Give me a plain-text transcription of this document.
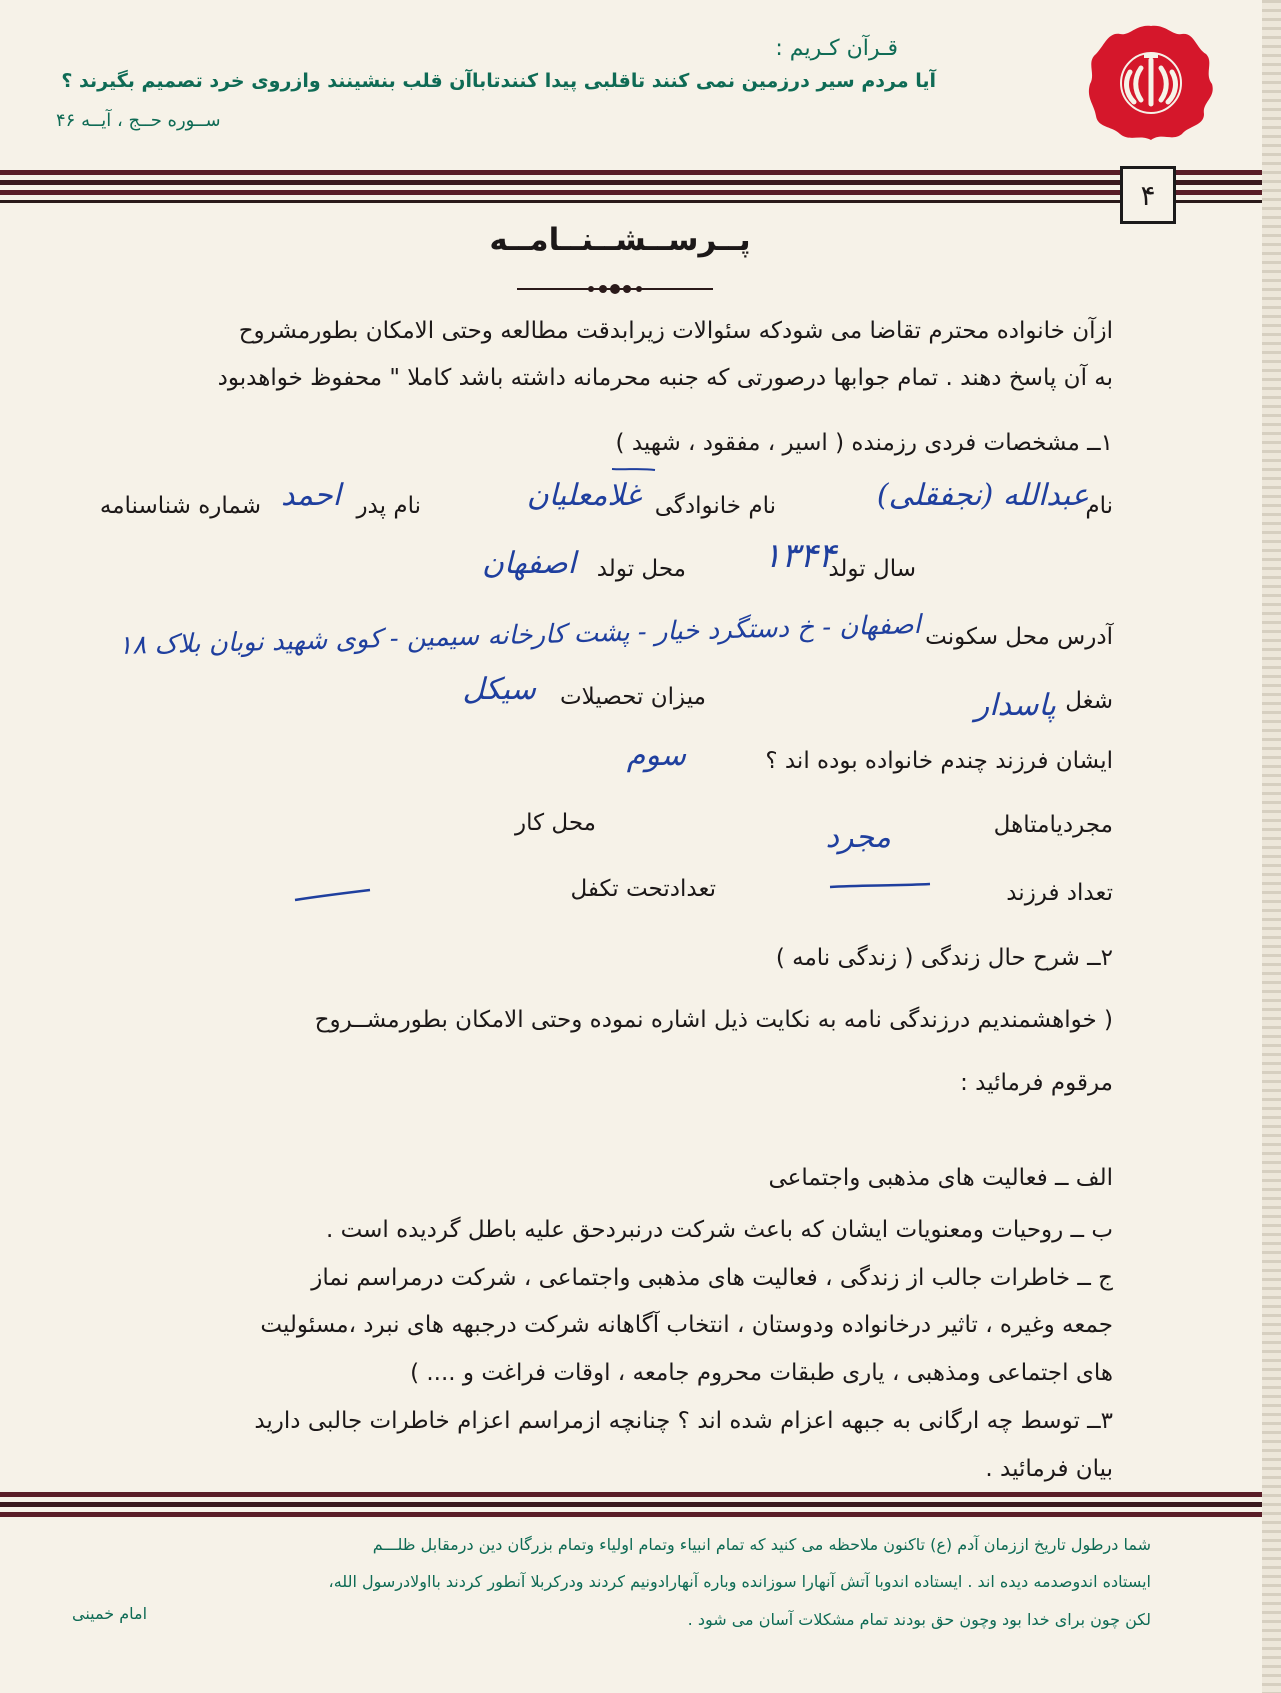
قـرآن کـریم :
آیا مردم سیر درزمین نمی کنند تاقلبی پیدا کنندتاباآن قلب بنشینند وازروی خرد تصمیم بگیرند ؟
ســوره حــج ، آیــه ۴۶
۴
پــرســشــنــامــه
ازآن خانواده محترم تقاضا می شودکه سئوالات زیرابدقت مطالعه وحتی الامکان بطورمشروح
به آن پاسخ دهند . تمام جوابها درصورتی که جنبه محرمانه داشته باشد کاملا " محفوظ خواهدبود
۱ــ مشخصات فردی رزمنده ( اسیر ، مفقود ، شهید )
نام
عبدالله (نجفقلی)
نام خانوادگی
غلامعلیان
نام پدر
احمد
شماره شناسنامه
سال تولد
۱۳۴۴
محل تولد
اصفهان
آدرس محل سکونت
اصفهان - خ دستگرد خیار - پشت کارخانه سیمین - کوی شهید نوبان بلاک ۱۸
شغل
پاسدار
میزان تحصیلات
سیکل
ایشان فرزند چندم خانواده بوده اند ؟
سوم
مجردیامتاهل
مجرد
محل کار
تعداد فرزند
تعدادتحت تکفل
۲ــ شرح حال زندگی ( زندگی نامه )
( خواهشمندیم درزندگی نامه به نکایت ذیل اشاره نموده وحتی الامکان بطورمشــروح
مرقوم فرمائید :
الف ــ فعالیت های مذهبی واجتماعی
ب ــ روحیات ومعنویات ایشان که باعث شرکت درنبردحق علیه باطل گردیده است .
ج ــ خاطرات جالب از زندگی ، فعالیت های مذهبی واجتماعی ، شرکت درمراسم نماز
جمعه وغیره ، تاثیر درخانواده ودوستان ، انتخاب آگاهانه شرکت درجبهه های نبرد ،مسئولیت
های اجتماعی ومذهبی ، یاری طبقات محروم جامعه ، اوقات فراغت و .... )
۳ــ توسط چه ارگانی به جبهه اعزام شده اند ؟ چنانچه ازمراسم اعزام خاطرات جالبی دارید
بیان فرمائید .
شما درطول تاریخ اززمان آدم (ع) تاکنون ملاحظه می کنید که تمام انبیاء وتمام اولیاء وتمام بزرگان دین درمقابل ظلـــم
ایستاده اندوصدمه دیده اند . ایستاده اندوبا آتش آنهارا سوزانده وباره آنهارادونیم کردند ودرکربلا آنطور کردند بااولادرسول الله،
لکن چون برای خدا بود وچون حق بودند تمام مشکلات آسان می شود .
امام خمینی
